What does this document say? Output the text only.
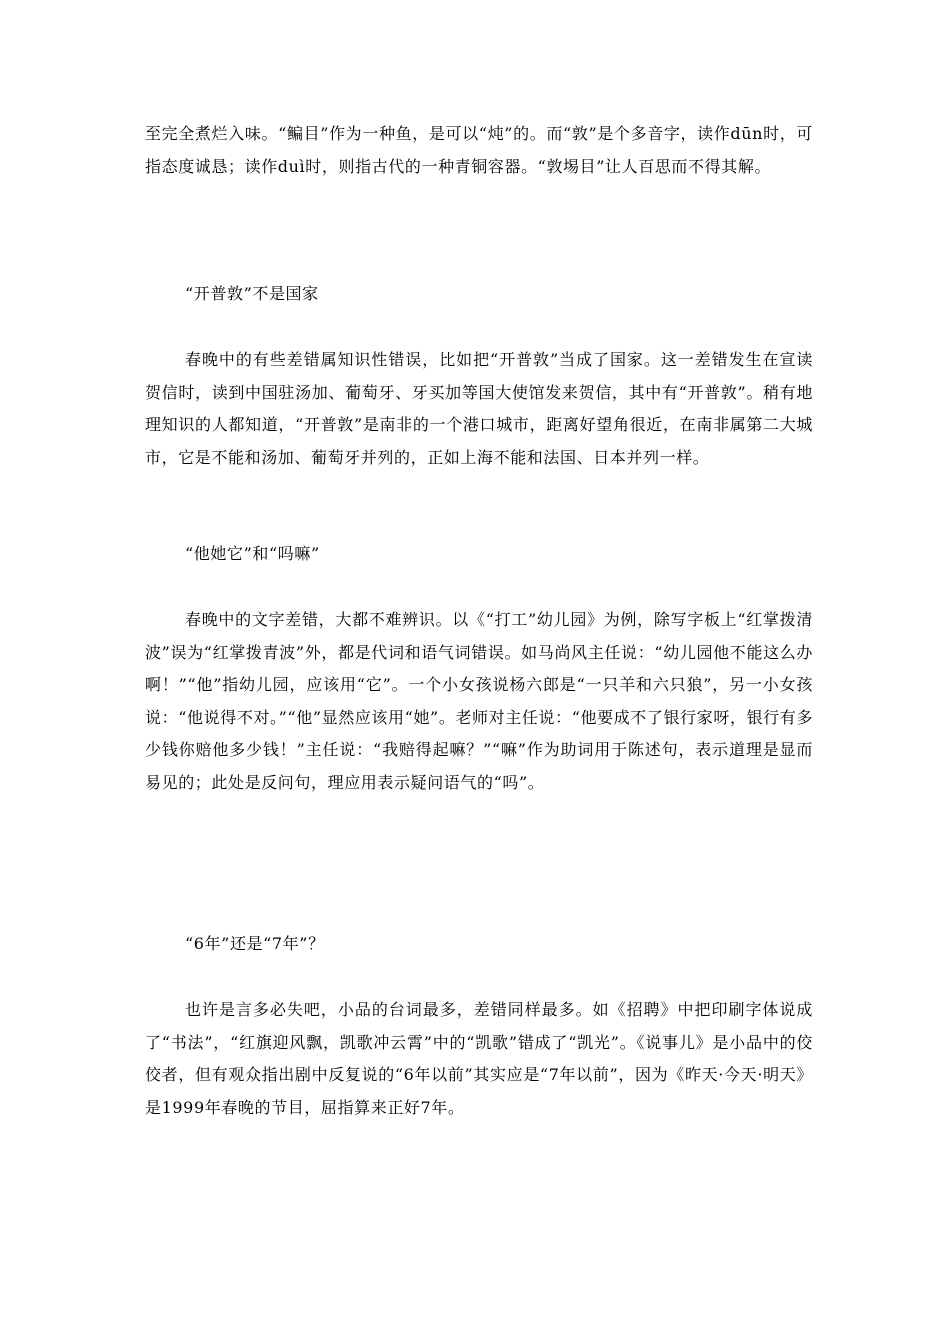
至完全煮烂入味。“鳊目”作为一种鱼，是可以“炖”的。而“敦”是个多音字，读作dūn时，可指态度诚恳；读作duì时，则指古代的一种青铜容器。“敦埸目”让人百思而不得其解。

“开普敦”不是国家

春晚中的有些差错属知识性错误，比如把“开普敦”当成了国家。这一差错发生在宣读贺信时，读到中国驻汤加、葡萄牙、牙买加等国大使馆发来贺信，其中有“开普敦”。稍有地理知识的人都知道，“开普敦”是南非的一个港口城市，距离好望角很近，在南非属第二大城市，它是不能和汤加、葡萄牙并列的，正如上海不能和法国、日本并列一样。

“他她它”和“吗嘛”

春晚中的文字差错，大都不难辨识。以《“打工”幼儿园》为例，除写字板上“红掌拨清波”误为“红掌拨青波”外，都是代词和语气词错误。如马尚风主任说：“幼儿园他不能这么办啊！”“他”指幼儿园，应该用“它”。一个小女孩说杨六郎是“一只羊和六只狼”，另一小女孩说：“他说得不对。”“他”显然应该用“她”。老师对主任说：“他要成不了银行家呀，银行有多少钱你赔他多少钱！”主任说：“我赔得起嘛？”“嘛”作为助词用于陈述句，表示道理是显而易见的；此处是反问句，理应用表示疑问语气的“吗”。

“6年”还是“7年”？

也许是言多必失吧，小品的台词最多，差错同样最多。如《招聘》中把印刷字体说成了“书法”，“红旗迎风飘，凯歌冲云霄”中的“凯歌”错成了“凯光”。《说事儿》是小品中的佼佼者，但有观众指出剧中反复说的“6年以前”其实应是“7年以前”，因为《昨天·今天·明天》是1999年春晚的节目，屈指算来正好7年。
